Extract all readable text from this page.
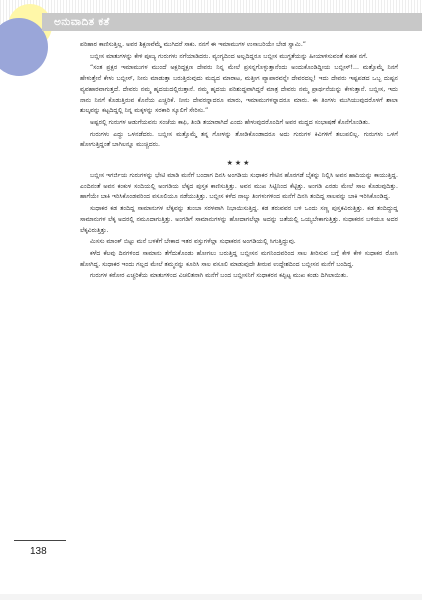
ಅನುವಾದಿತ ಕತೆ

ಪರಿಹಾರ ಕಾಣಿಸುತ್ತಿಲ್ಲ. ಅವರ ಶಿಕ್ಷಣವೆಮ್ಮೆ ಮುಗಿದರೆ ಸಾಕು. ನನಗೆ ಈ ಇಮಾಮುಗಳ ಉಸಾಬರಿಯೇ ಬೇಡ ಸ್ವಾಮಿ.”

ಬಬ್ಲೀಸ ಮಾತುಗಳನ್ನು ಕೇಳಿ ಪೂಜ್ಯ ಗುರುಗಳು ನಗೆಯಾಡಿದರು. ವ್ಯಂಗ್ಯದಿಂದ ಅಲ್ಲದಿದ್ದರೂ ಬಬ್ಲೀಸ ಮುಗ್ಧತೆಯನ್ನು ಹೀಯಾಳಿಸುವಂತೆ ಕುಹಕ ನಗೆ.

“ಸಂತ ಪ್ರಕ್ಷರ ಇಮಾಮುಗಳ ಮುಂದೆ ಅಕ್ಷರಿದ್ಧಕ್ಷಣ ದೇವರು ನಿನ್ನ ಮೇಲೆ ಪ್ರಸನ್ನಗೊಳ್ಳುತ್ತಾನೆಂದು ಅಂದುಕೊಂಡಿದ್ದೀಯ ಬಬ್ಲೀಸ್!... ಮತ್ತೊಮ್ಮೆ ನಿನಗೆ ಹೇಳುತ್ತೇನೆ ಕೇಳು ಬಬ್ಲೀಸ್, ನೀನು ಮಾಡುತ್ತಾ ಬರುತ್ತಿರುವುದು ಮದ್ಯದ ಮಾರಾಟ, ಮತ್ತೀಗ ವ್ಯಾಪಾರವನ್ನೇ ದೇವರದಲ್ಲ! ಇದು ದೇವರು ಇಷ್ಟಪಡದ ಒಬ್ಬ ದುಷ್ಟನ ವ್ಯವಹಾರವಾಗುತ್ತದೆ. ದೇವರು ನಮ್ಮ ಹೃದಯದಲ್ಲಿರುತ್ತಾನೆ. ನಮ್ಮ ಹೃದಯ ಪರಿಶುದ್ಧವಾಗಿದ್ದರೆ ಮಾತ್ರ ದೇವರು ನಮ್ಮ ಪ್ರಾರ್ಥನೆಯನ್ನು ಕೇಳುತ್ತಾನೆ. ಬಬ್ಲೀಸ, ಇದು ನಾನು ನಿನಗೆ ಕೊಡುತ್ತಿರುವ ಕೊನೆಯ ಎಚ್ಚರಿಕೆ. ನೀನು ದೇವರನ್ನಾದರೂ ಮಾರು, ಇಮಾಮುಗಳನ್ನಾದರೂ ಮಾರು. ಈ ತಿಂಗಳು ಮುಗಿಯುವುದರೊಳಗೆ ಶಾಲಾ ಶುಲ್ಕವನ್ನು ಕಟ್ಟದಿದ್ದಲ್ಲಿ ನಿನ್ನ ಮಕ್ಕಳನ್ನು ಸರಕಾರಿ ಸ್ಕೂಲಿಗೆ ಸೇರಿಸು.”

ಅಷ್ಟರಲ್ಲಿ ಗುರುಗಳ ಆಡುಗೆಯವನು ಸಂಜೆಯ ಕಾಫಿ, ತಿಂಡಿ ತಯಾರಾಗಿದೆ ಎಂದು ಹೇಳುವುದರೊಂದಿಗೆ ಅವರ ಮದ್ದದ ಸಂಭಾಷಣೆ ಕೊನೆಗೊಂಡಿತು.

ಗುರುಗಳು ಎದ್ದು ಒಳನಡೆದರು. ಬಬ್ಲೀಸ ಮತ್ತೊಮ್ಮೆ ತನ್ನ ಗೋಳನ್ನು ತೋಡಿಕೊಂಡಾದರೂ ಅದು ಗುರುಗಳ ಕಿವಿಗಳಿಗೆ ತಲುಪಲಿಲ್ಲ. ಗುರುಗಳು ಒಳಗೆ ಹೋಗುತ್ತಿದ್ದಂತೆ ಬಾಗಿಲನ್ನೂ ಮುಚ್ಚಿದರು.

★★★

ಬಬ್ಲೀಸ ಇಗರ್ಜಿಯ ಗುರುಗಳನ್ನು ಭೇಟಿ ಮಾಡಿ ಮನೆಗೆ ಬಂದಾಗ ದಿನಸಿ ಅಂಗಡಿಯ ಸುಧಾಕರ ಗೇಟಿನ ಹೊರಗಡೆ ಬೈಕನ್ನು ನಿಲ್ಲಿಸಿ ಅವನ ಹಾದಿಯನ್ನು ಕಾಯುತ್ತಿದ್ದ. ಎಂದಿನಂತೆ ಅವನ ಕಂಕುಳ ಸಂದಿಯಲ್ಲಿ ಅಂಗಡಿಯ ಲೆಕ್ಕದ ಪುಸ್ತಕ ಕಾಣಿಸುತ್ತಿತ್ತು. ಅವನ ಮುಖ ಸಿಟ್ಟಿನಿಂದ ಕೆಟ್ಟಿತ್ತು. ಅಂಗಡಿ ಎರಡು ಮೇಲೆ ಸಾಲ ಕೊಡುವುದಿತ್ತು. ಹಾಗೆಯೇ ಬಾಕಿ ಇರಿಸಿಕೊಂಡವರಿಂದ ವಸೂಲಿಯೂ ನಡೆಯುತ್ತಿತ್ತು. ಬಬ್ಲೀಸ ಕಳೆದ ನಾಲ್ಕು ತಿಂಗಳುಗಳಿಂದ ಮನೆಗೆ ದಿನಸಿ ತಂದಿದ್ದ ಸಾಲವನ್ನು ಬಾಕಿ ಇರಿಸಿಕೊಂಡಿದ್ದ.

ಸುಧಾಕರ ಕಡ ತಂದಿದ್ದ ಸಾಮಾನುಗಳ ಲೆಕ್ಕವನ್ನು ತುಂಬಾ ಸರಳವಾಗಿ ನಿಭಾಯಿಸುತ್ತಿದ್ದ. ಕಡ ತರುವವರ ಬಳಿ ಒಂದು ಸಣ್ಣ ಪುಸ್ತಕವಿರುತ್ತಿತ್ತು. ಕಡ ತಂದಿದ್ದುದ್ದ ಸಾಮಾನುಗಳ ಲೆಕ್ಕ ಅದರಲ್ಲಿ ನಮೂದಾಗುತ್ತಿತ್ತು. ಅಂಗಡಿಗೆ ಸಾಮಾನುಗಳನ್ನು ಹೋದಾಗಲೆಲ್ಲಾ ಅದನ್ನು ಜತೆಯಲ್ಲಿ ಒಯ್ಯಬೇಕಾಗುತ್ತಿತ್ತು. ಸುಧಾಕರನ ಬಳಿಯೂ ಅದರ ಲೆಕ್ಕವಿರುತ್ತಿತ್ತು.

ಮಿಸಸು ಮಾಂಕ್ ಬಿಟ್ಟು ಮನೆ ಬಳಕೆಗೆ ಬೇಕಾದ ಇತರ ವಸ್ತುಗಳೆಲ್ಲಾ ಸುಧಾಕರನ ಅಂಗಡಿಯಲ್ಲಿ ಸಿಗುತ್ತಿದ್ದುವು.

ಕಳೆದ ಕೆಲವು ದಿನಗಳಿಂದ ಸಾಮಾನು ತೆಗೆದುಕೊಂಡು ಹೋಗಲು ಬರುತ್ತಿದ್ದ ಬಬ್ಲೀಸನ ಮಗನಿಂದವರಿಂದ ಸಾಲ ತೀರಿಸುವ ಬಗ್ಗೆ ಕೇಳಿ ಕೇಳಿ ಸುಧಾಕರ ರೋಸಿ ಹೋಗಿದ್ದ. ಸುಧಾಕರ ಇಂದು ಗಲ್ಲದ ಮೇಲೆ ತಮ್ಮನನ್ನು ಕೂರಿಸಿ ಸಾಲ ವಸೂಲಿ ಮಾಡುವುದೇ ತೀರುವ ಉದ್ದೇಶದಿಂದ ಬಬ್ಲೀಸನ ಮನೆಗೆ ಬಂದಿದ್ದ.

ಗುರುಗಳ ಕಠೋರ ಎಚ್ಚರಿಕೆಯ ಮಾತುಗಳಿಂದ ವಿಚಲಿತನಾಗಿ ಮನೆಗೆ ಬಂದ ಬಬ್ಲೀಸನಿಗೆ ಸುಧಾಕರನ ಕಪ್ಪಿಟ್ಟ ಮುಖ ಕಂಡು ದಿಗಿಲಾಯಿತು.

138
